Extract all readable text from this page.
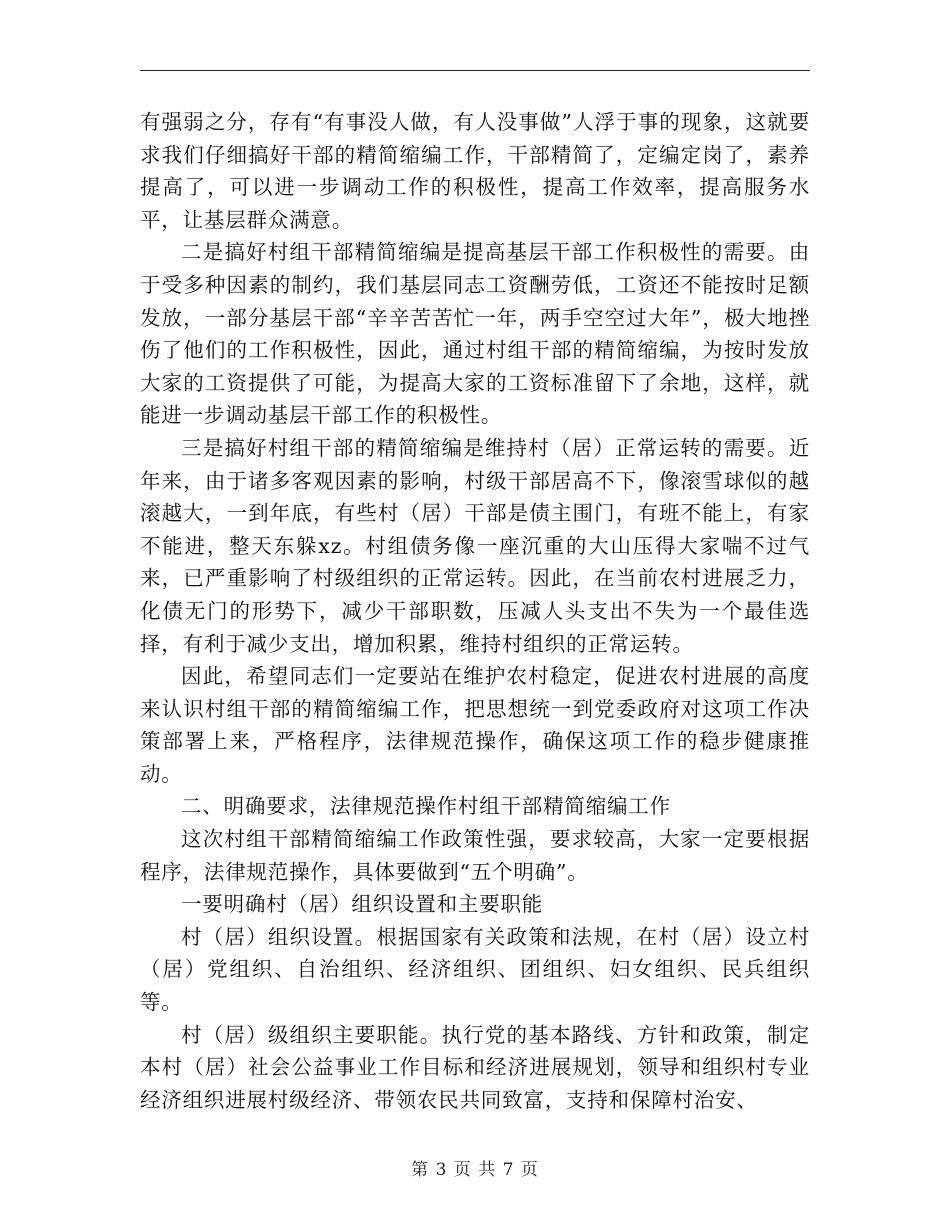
有强弱之分，存有“有事没人做，有人没事做”人浮于事的现象，这就要求我们仔细搞好干部的精简缩编工作，干部精简了，定编定岗了，素养提高了，可以进一步调动工作的积极性，提高工作效率，提高服务水平，让基层群众满意。

二是搞好村组干部精简缩编是提高基层干部工作积极性的需要。由于受多种因素的制约，我们基层同志工资酬劳低，工资还不能按时足额发放，一部分基层干部“辛辛苦苦忙一年，两手空空过大年”，极大地挫伤了他们的工作积极性，因此，通过村组干部的精简缩编，为按时发放大家的工资提供了可能，为提高大家的工资标准留下了余地，这样，就能进一步调动基层干部工作的积极性。

三是搞好村组干部的精简缩编是维持村（居）正常运转的需要。近年来，由于诸多客观因素的影响，村级干部居高不下，像滚雪球似的越滚越大，一到年底，有些村（居）干部是债主围门，有班不能上，有家不能进，整天东躲xz。村组债务像一座沉重的大山压得大家喘不过气来，已严重影响了村级组织的正常运转。因此，在当前农村进展乏力，化债无门的形势下，减少干部职数，压减人头支出不失为一个最佳选择，有利于减少支出，增加积累，维持村组织的正常运转。

因此，希望同志们一定要站在维护农村稳定，促进农村进展的高度来认识村组干部的精简缩编工作，把思想统一到党委政府对这项工作决策部署上来，严格程序，法律规范操作，确保这项工作的稳步健康推动。

二、明确要求，法律规范操作村组干部精简缩编工作

这次村组干部精简缩编工作政策性强，要求较高，大家一定要根据程序，法律规范操作，具体要做到“五个明确”。

一要明确村（居）组织设置和主要职能

村（居）组织设置。根据国家有关政策和法规，在村（居）设立村（居）党组织、自治组织、经济组织、团组织、妇女组织、民兵组织等。

村（居）级组织主要职能。执行党的基本路线、方针和政策，制定本村（居）社会公益事业工作目标和经济进展规划，领导和组织村专业经济组织进展村级经济、带领农民共同致富，支持和保障村治安、

第 3 页 共 7 页
